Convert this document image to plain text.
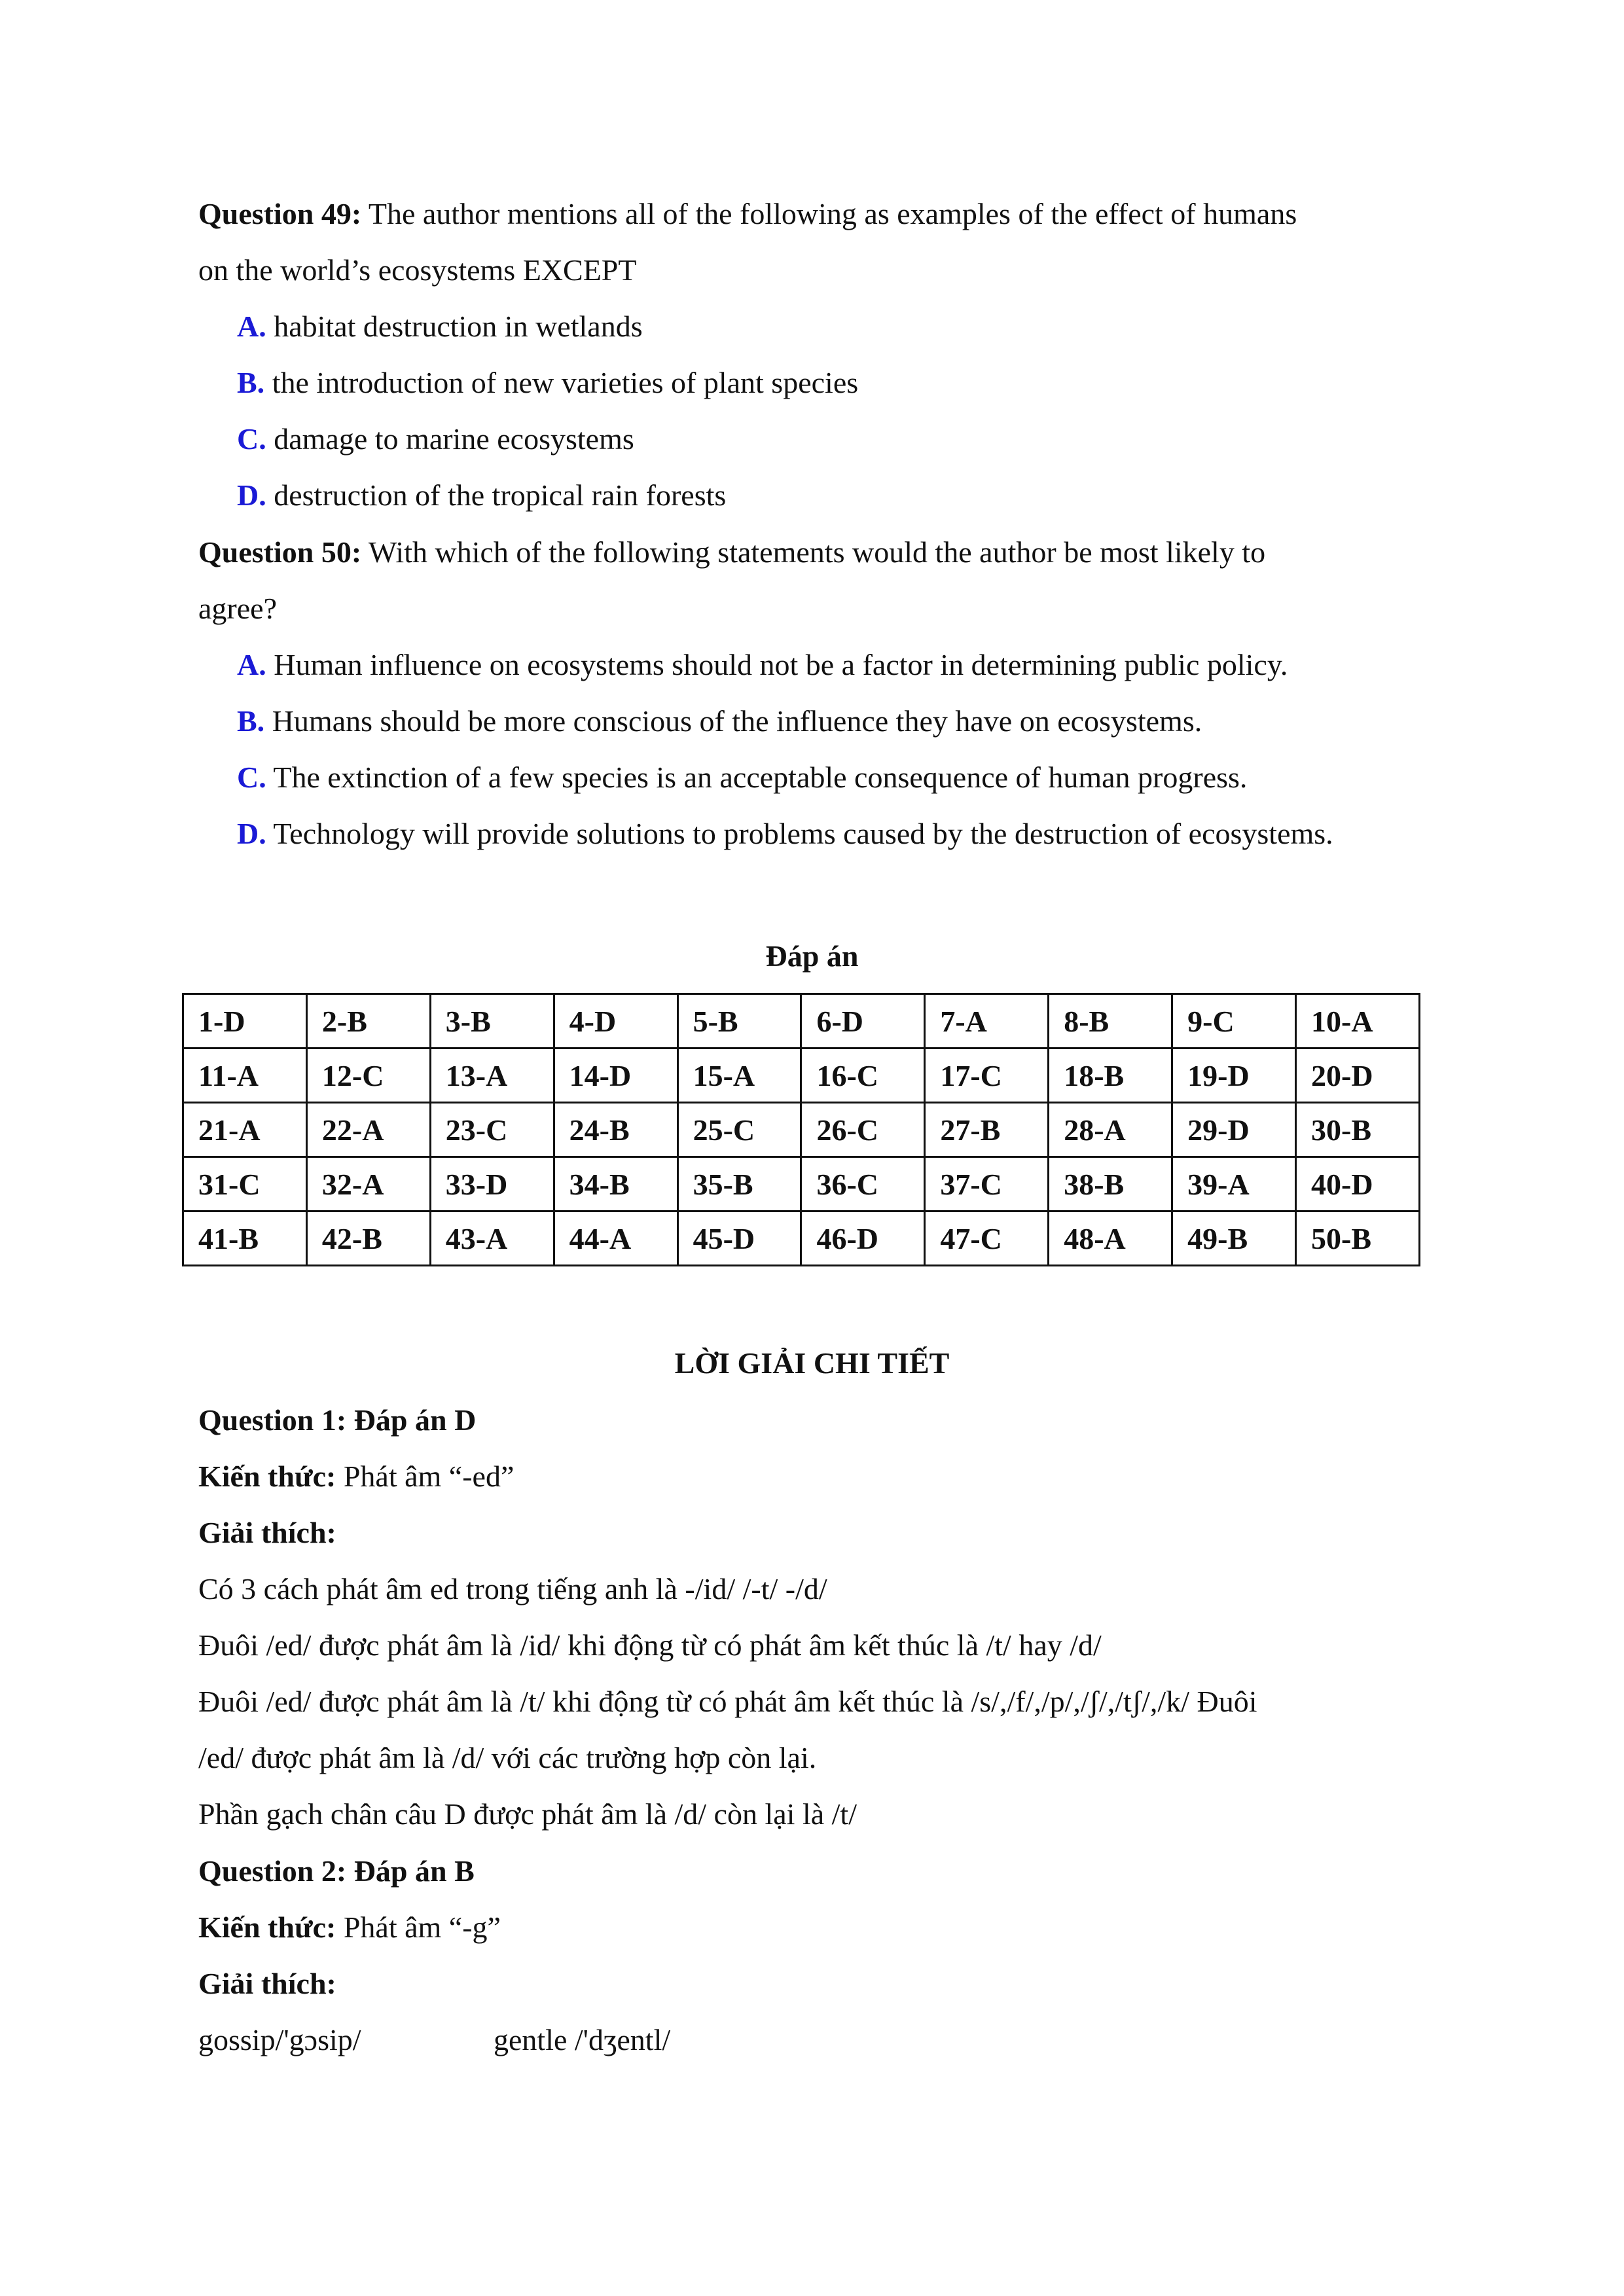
Question 49: The author mentions all of the following as examples of the effect of humans
on the world’s ecosystems EXCEPT
A. habitat destruction in wetlands
B. the introduction of new varieties of plant species
C. damage to marine ecosystems
D. destruction of the tropical rain forests
Question 50: With which of the following statements would the author be most likely to
agree?
A. Human influence on ecosystems should not be a factor in determining public policy.
B. Humans should be more conscious of the influence they have on ecosystems.
C. The extinction of a few species is an acceptable consequence of human progress.
D. Technology will provide solutions to problems caused by the destruction of ecosystems.
Đáp án
1-D	2-B	3-B	4-D	5-B	6-D	7-A	8-B	9-C	10-A
11-A	12-C	13-A	14-D	15-A	16-C	17-C	18-B	19-D	20-D
21-A	22-A	23-C	24-B	25-C	26-C	27-B	28-A	29-D	30-B
31-C	32-A	33-D	34-B	35-B	36-C	37-C	38-B	39-A	40-D
41-B	42-B	43-A	44-A	45-D	46-D	47-C	48-A	49-B	50-B
LỜI GIẢI CHI TIẾT
Question 1: Đáp án D
Kiến thức: Phát âm “-ed”
Giải thích:
Có 3 cách phát âm ed trong tiếng anh là -/id/ /-t/ -/d/
Đuôi /ed/ được phát âm là /id/ khi động từ có phát âm kết thúc là /t/ hay /d/
Đuôi /ed/ được phát âm là /t/ khi động từ có phát âm kết thúc là /s/,/f/,/p/,/ʃ/,/tʃ/,/k/ Đuôi
/ed/ được phát âm là /d/ với các trường hợp còn lại.
Phần gạch chân câu D được phát âm là /d/ còn lại là /t/
Question 2: Đáp án B
Kiến thức: Phát âm “-g”
Giải thích:
gossip/'gɔsip/	gentle /'dʒentl/
